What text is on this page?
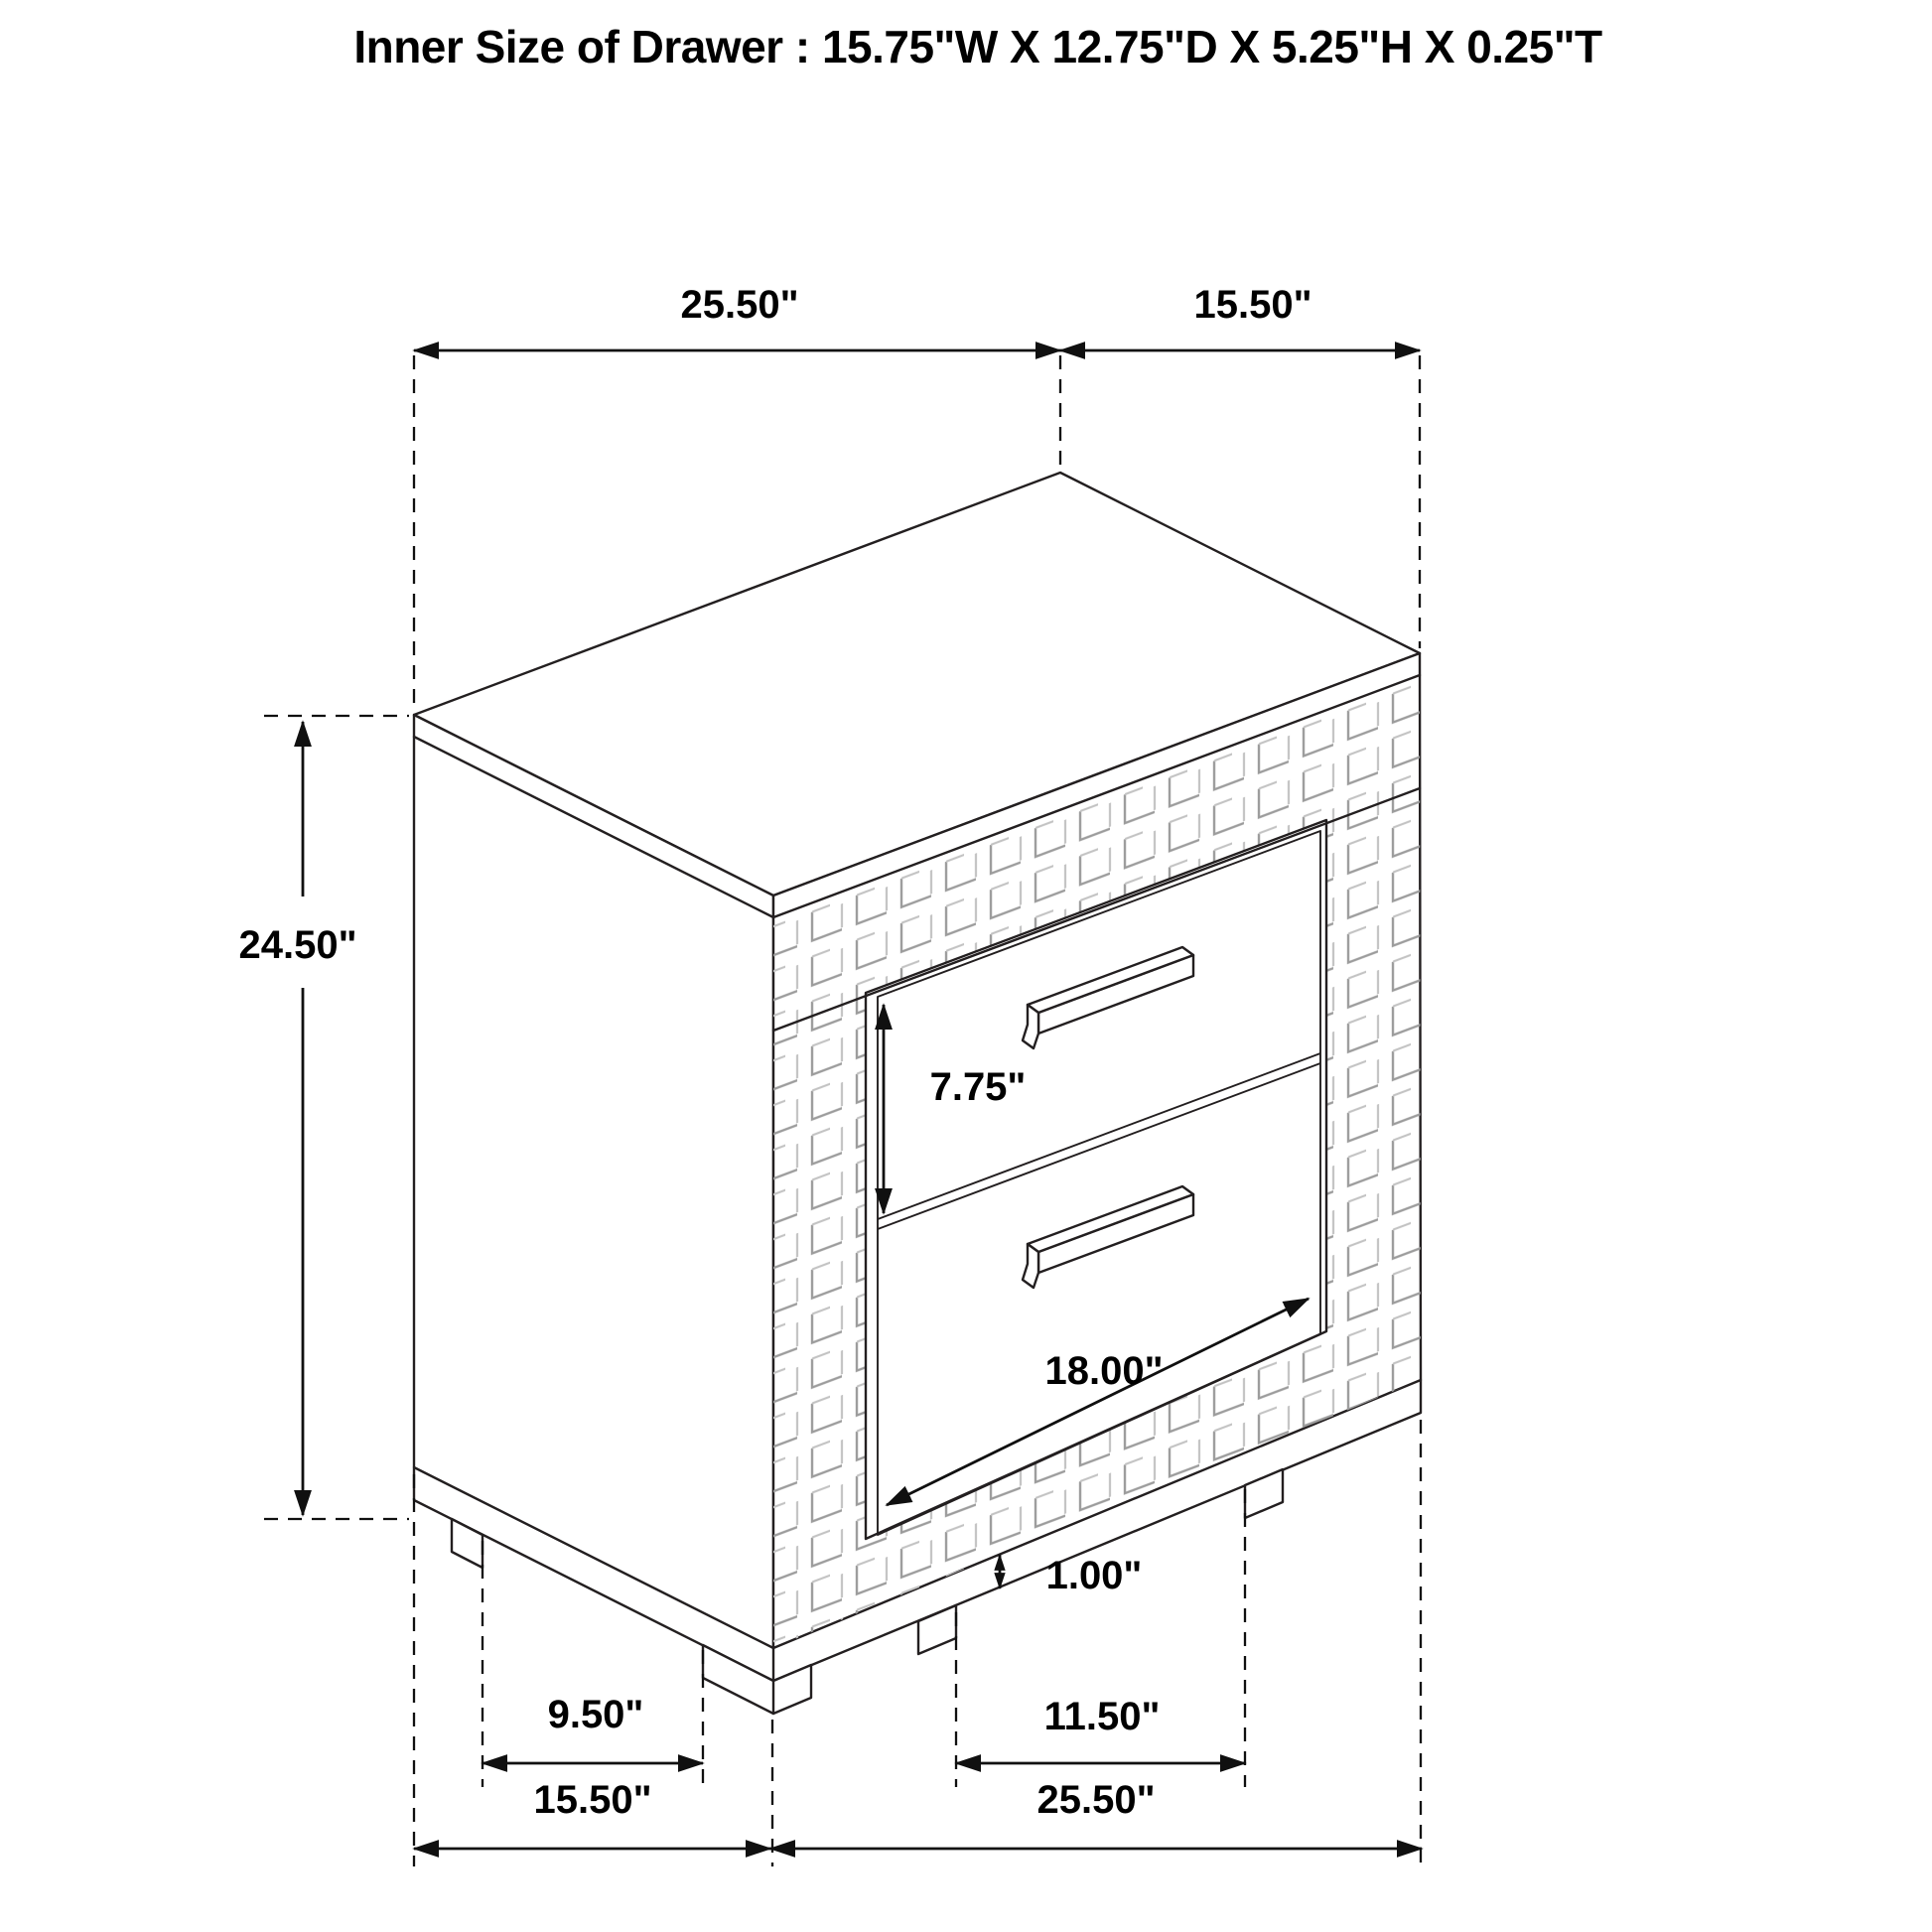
25.50"	15.50"
24.50"
7.75"
18.00"
1.00"
9.50"	11.50"
15.50"	25.50"
Inner Size of Drawer : 15.75"W X 12.75"D X 5.25"H X 0.25"T
